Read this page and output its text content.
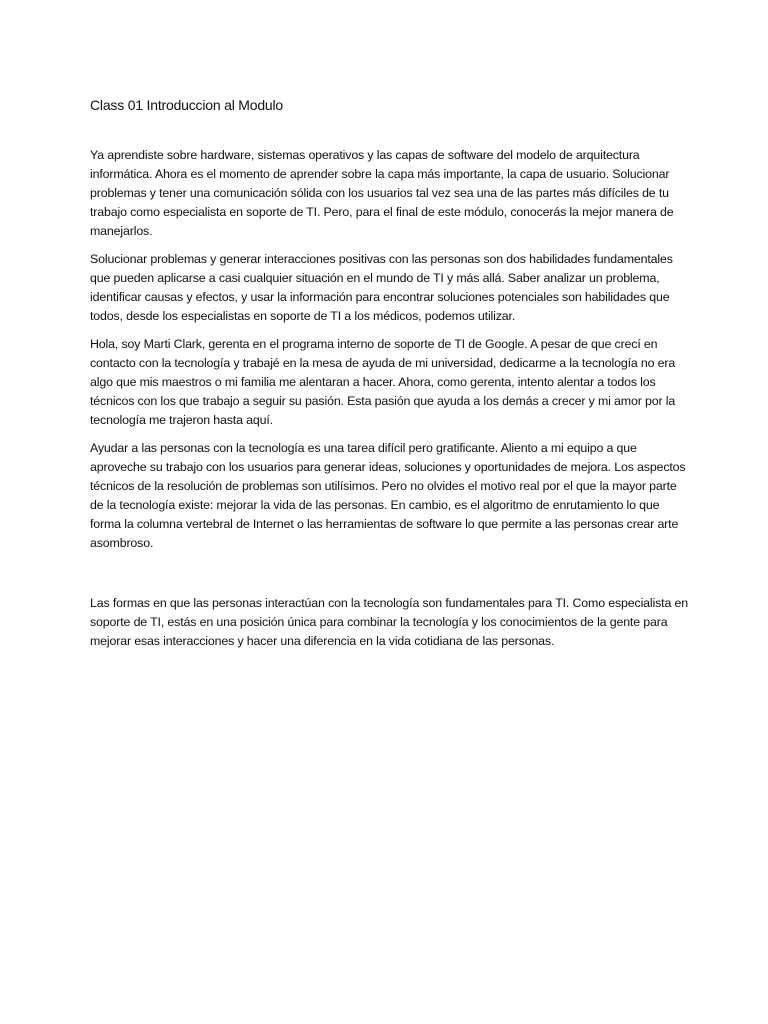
Class 01 Introduccion al Modulo

Ya aprendiste sobre hardware, sistemas operativos y las capas de software del modelo de arquitectura informática. Ahora es el momento de aprender sobre la capa más importante, la capa de usuario. Solucionar problemas y tener una comunicación sólida con los usuarios tal vez sea una de las partes más difíciles de tu trabajo como especialista en soporte de TI. Pero, para el final de este módulo, conocerás la mejor manera de manejarlos.

Solucionar problemas y generar interacciones positivas con las personas son dos habilidades fundamentales que pueden aplicarse a casi cualquier situación en el mundo de TI y más allá. Saber analizar un problema, identificar causas y efectos, y usar la información para encontrar soluciones potenciales son habilidades que todos, desde los especialistas en soporte de TI a los médicos, podemos utilizar.

Hola, soy Marti Clark, gerenta en el programa interno de soporte de TI de Google. A pesar de que crecí en contacto con la tecnología y trabajé en la mesa de ayuda de mi universidad, dedicarme a la tecnología no era algo que mis maestros o mi familia me alentaran a hacer. Ahora, como gerenta, intento alentar a todos los técnicos con los que trabajo a seguir su pasión. Esta pasión que ayuda a los demás a crecer y mi amor por la tecnología me trajeron hasta aquí.

Ayudar a las personas con la tecnología es una tarea difícil pero gratificante. Aliento a mi equipo a que aproveche su trabajo con los usuarios para generar ideas, soluciones y oportunidades de mejora. Los aspectos técnicos de la resolución de problemas son utilísimos. Pero no olvides el motivo real por el que la mayor parte de la tecnología existe: mejorar la vida de las personas. En cambio, es el algoritmo de enrutamiento lo que forma la columna vertebral de Internet o las herramientas de software lo que permite a las personas crear arte asombroso.

Las formas en que las personas interactúan con la tecnología son fundamentales para TI. Como especialista en soporte de TI, estás en una posición única para combinar la tecnología y los conocimientos de la gente para mejorar esas interacciones y hacer una diferencia en la vida cotidiana de las personas.
